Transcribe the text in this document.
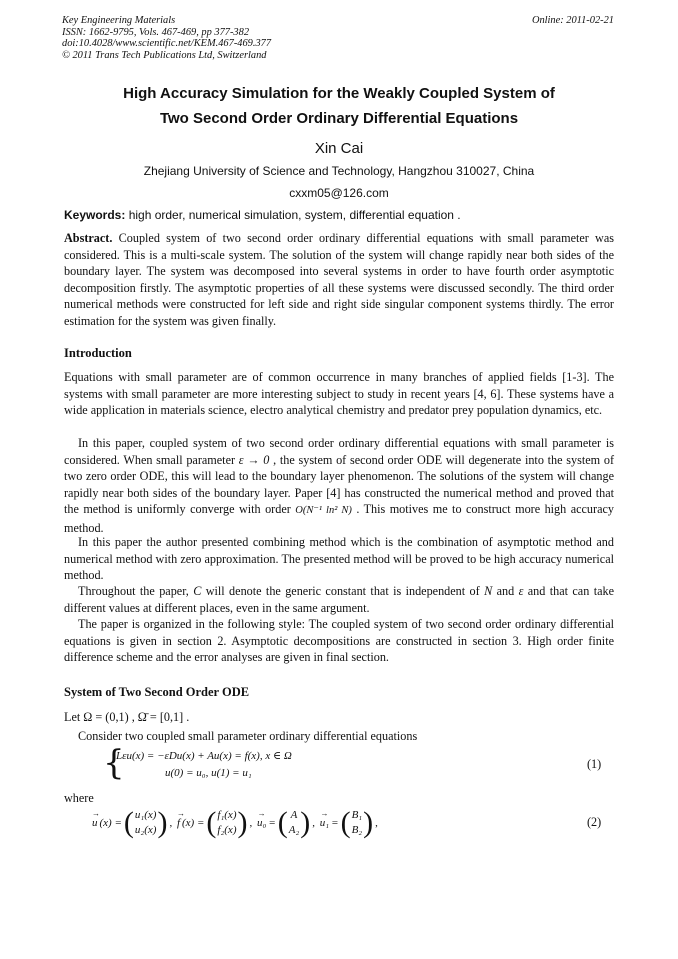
Key Engineering Materials
ISSN: 1662-9795, Vols. 467-469, pp 377-382
doi:10.4028/www.scientific.net/KEM.467-469.377
© 2011 Trans Tech Publications Ltd, Switzerland
Online: 2011-02-21
High Accuracy Simulation for the Weakly Coupled System of
Two Second Order Ordinary Differential Equations
Xin Cai
Zhejiang University of Science and Technology, Hangzhou 310027, China
cxxm05@126.com
Keywords: high order, numerical simulation, system, differential equation .
Abstract. Coupled system of two second order ordinary differential equations with small parameter was considered. This is a multi-scale system. The solution of the system will change rapidly near both sides of the boundary layer. The system was decomposed into several systems in order to have fourth order asymptotic decomposition firstly. The asymptotic properties of all these systems were discussed secondly. The third order numerical methods were constructed for left side and right side singular component systems thirdly. The error estimation for the system was given finally.
Introduction
Equations with small parameter are of common occurrence in many branches of applied fields [1-3]. The systems with small parameter are more interesting subject to study in recent years [4, 6]. These systems have a wide application in materials science, electro analytical chemistry and predator prey population dynamics, etc.
In this paper, coupled system of two second order ordinary differential equations with small parameter is considered. When small parameter ε → 0 , the system of second order ODE will degenerate into the system of two zero order ODE, this will lead to the boundary layer phenomenon. The solutions of the system will change rapidly near both sides of the boundary layer. Paper [4] has constructed the numerical method and proved that the method is uniformly converge with order O(N⁻¹ ln² N) . This motives me to construct more high accuracy method.
In this paper the author presented combining method which is the combination of asymptotic method and numerical method with zero approximation. The presented method will be proved to be high accuracy numerical method.
Throughout the paper, C will denote the generic constant that is independent of N and ε and that can take different values at different places, even in the same argument.
The paper is organized in the following style: The coupled system of two second order ordinary differential equations is given in section 2. Asymptotic decompositions are constructed in section 3. High order finite difference scheme and the error analyses are given in final section.
System of Two Second Order ODE
Let Ω = (0,1) , Ω̄ = [0,1] .
Consider two coupled small parameter ordinary differential equations
{
Lεu(x) = −εDu(x) + Au(x) = f(x), x ∈ Ω
u(0) = u₀, u(1) = u₁
(1)
where
→ u (x) = ( u₁(x)
u₂(x) ) , → f (x) = ( f₁(x)
f₂(x) ) , → u₀ = ( A
A₂ ) , → u₁ = ( B₁
B₂ ) ,	(2)
